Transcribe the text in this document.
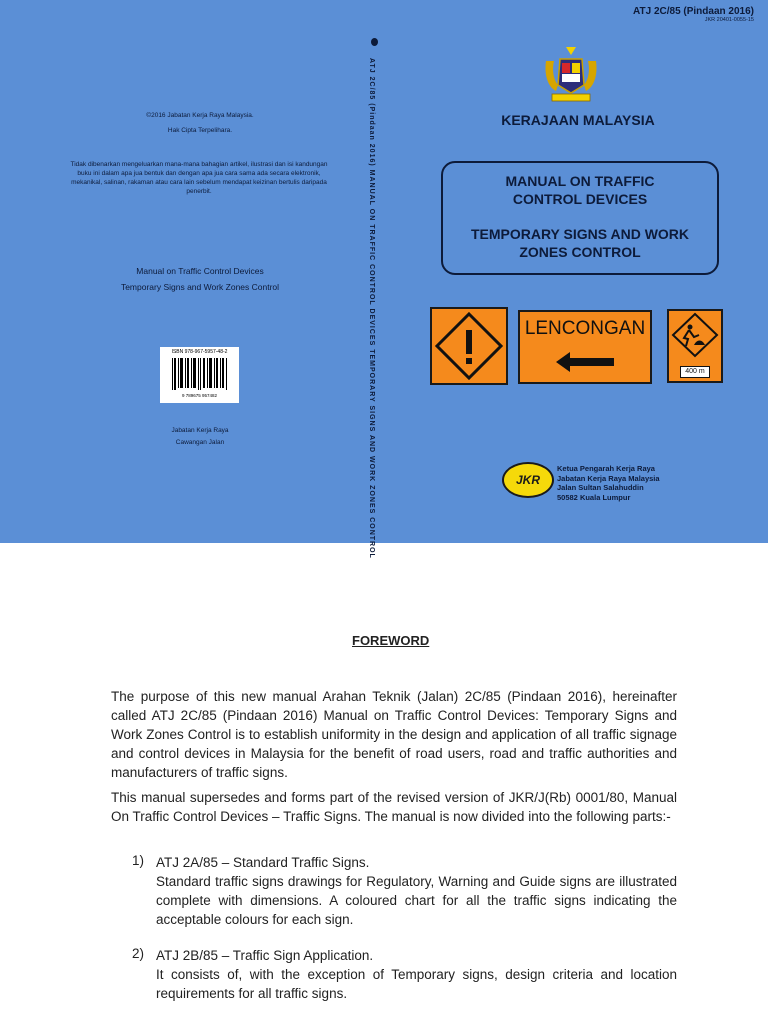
ATJ 2C/85 (Pindaan 2016)
JKR 20401-0055-15
©2016 Jabatan Kerja Raya Malaysia.
Hak Cipta Terpelihara.
Tidak dibenarkan mengeluarkan mana-mana bahagian artikel, ilustrasi dan isi kandungan buku ini dalam apa jua bentuk dan dengan apa jua cara sama ada secara elektronik, mekanikal, salinan, rakaman atau cara lain sebelum mendapat keizinan bertulis daripada penerbit.
Manual on Traffic Control Devices
Temporary Signs and Work Zones Control
ISBN 978-967-5957-48-2
9 789675 957482
Jabatan Kerja Raya
Cawangan Jalan	ATJ 2C/85 (Pindaan 2016) MANUAL ON TRAFFIC CONTROL DEVICES TEMPORARY SIGNS AND WORK ZONES CONTROL	KERAJAAN MALAYSIA
MANUAL ON TRAFFIC
CONTROL DEVICES
TEMPORARY SIGNS AND WORK
ZONES CONTROL
LENCONGAN
400 m
JKR
Ketua Pengarah Kerja Raya
Jabatan Kerja Raya Malaysia
Jalan Sultan Salahuddin
50582 Kuala Lumpur
FOREWORD
The purpose of this new manual Arahan Teknik (Jalan) 2C/85 (Pindaan 2016), hereinafter called ATJ 2C/85 (Pindaan 2016) Manual on Traffic Control Devices: Temporary Signs and Work Zones Control is to establish uniformity in the design and application of all traffic signage and control devices in Malaysia for the benefit of road users, road and traffic authorities and manufacturers of traffic signs.
This manual supersedes and forms part of the revised version of JKR/J(Rb) 0001/80, Manual On Traffic Control Devices – Traffic Signs. The manual is now divided into the following parts:-
1) ATJ 2A/85 – Standard Traffic Signs.
Standard traffic signs drawings for Regulatory, Warning and Guide signs are illustrated complete with dimensions. A coloured chart for all the traffic signs indicating the acceptable colours for each sign.
2) ATJ 2B/85 – Traffic Sign Application.
It consists of, with the exception of Temporary signs, design criteria and location requirements for all traffic signs.
